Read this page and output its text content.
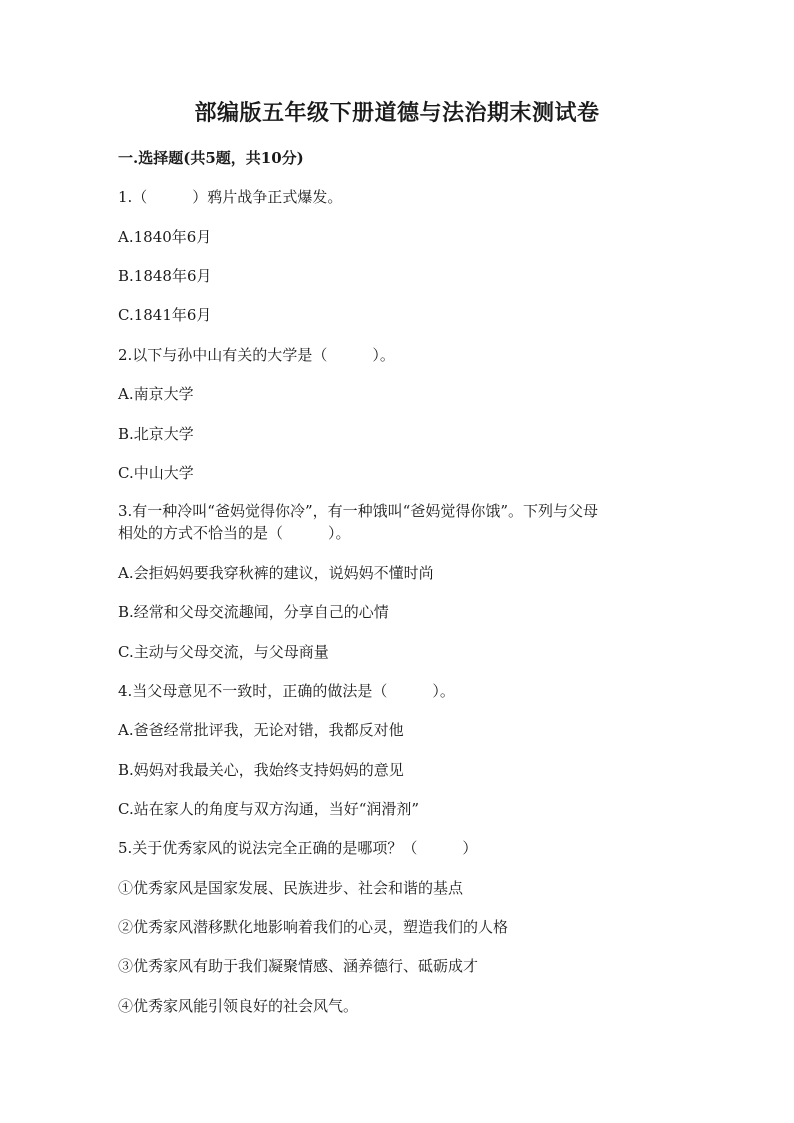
部编版五年级下册道德与法治期末测试卷
一.选择题(共5题，共10分)
1.（　　　）鸦片战争正式爆发。
A.1840年6月
B.1848年6月
C.1841年6月
2.以下与孙中山有关的大学是（　　　）。
A.南京大学
B.北京大学
C.中山大学
3.有一种冷叫“爸妈觉得你冷”，有一种饿叫“爸妈觉得你饿”。下列与父母
相处的方式不恰当的是（　　　）。
A.会拒妈妈要我穿秋裤的建议，说妈妈不懂时尚
B.经常和父母交流趣闻，分享自己的心情
C.主动与父母交流，与父母商量
4.当父母意见不一致时，正确的做法是（　　　）。
A.爸爸经常批评我，无论对错，我都反对他
B.妈妈对我最关心，我始终支持妈妈的意见
C.站在家人的角度与双方沟通，当好“润滑剂”
5.关于优秀家风的说法完全正确的是哪项？（　　　）
①优秀家风是国家发展、民族进步、社会和谐的基点
②优秀家风潜移默化地影响着我们的心灵，塑造我们的人格
③优秀家风有助于我们凝聚情感、涵养德行、砥砺成才
④优秀家风能引领良好的社会风气。
